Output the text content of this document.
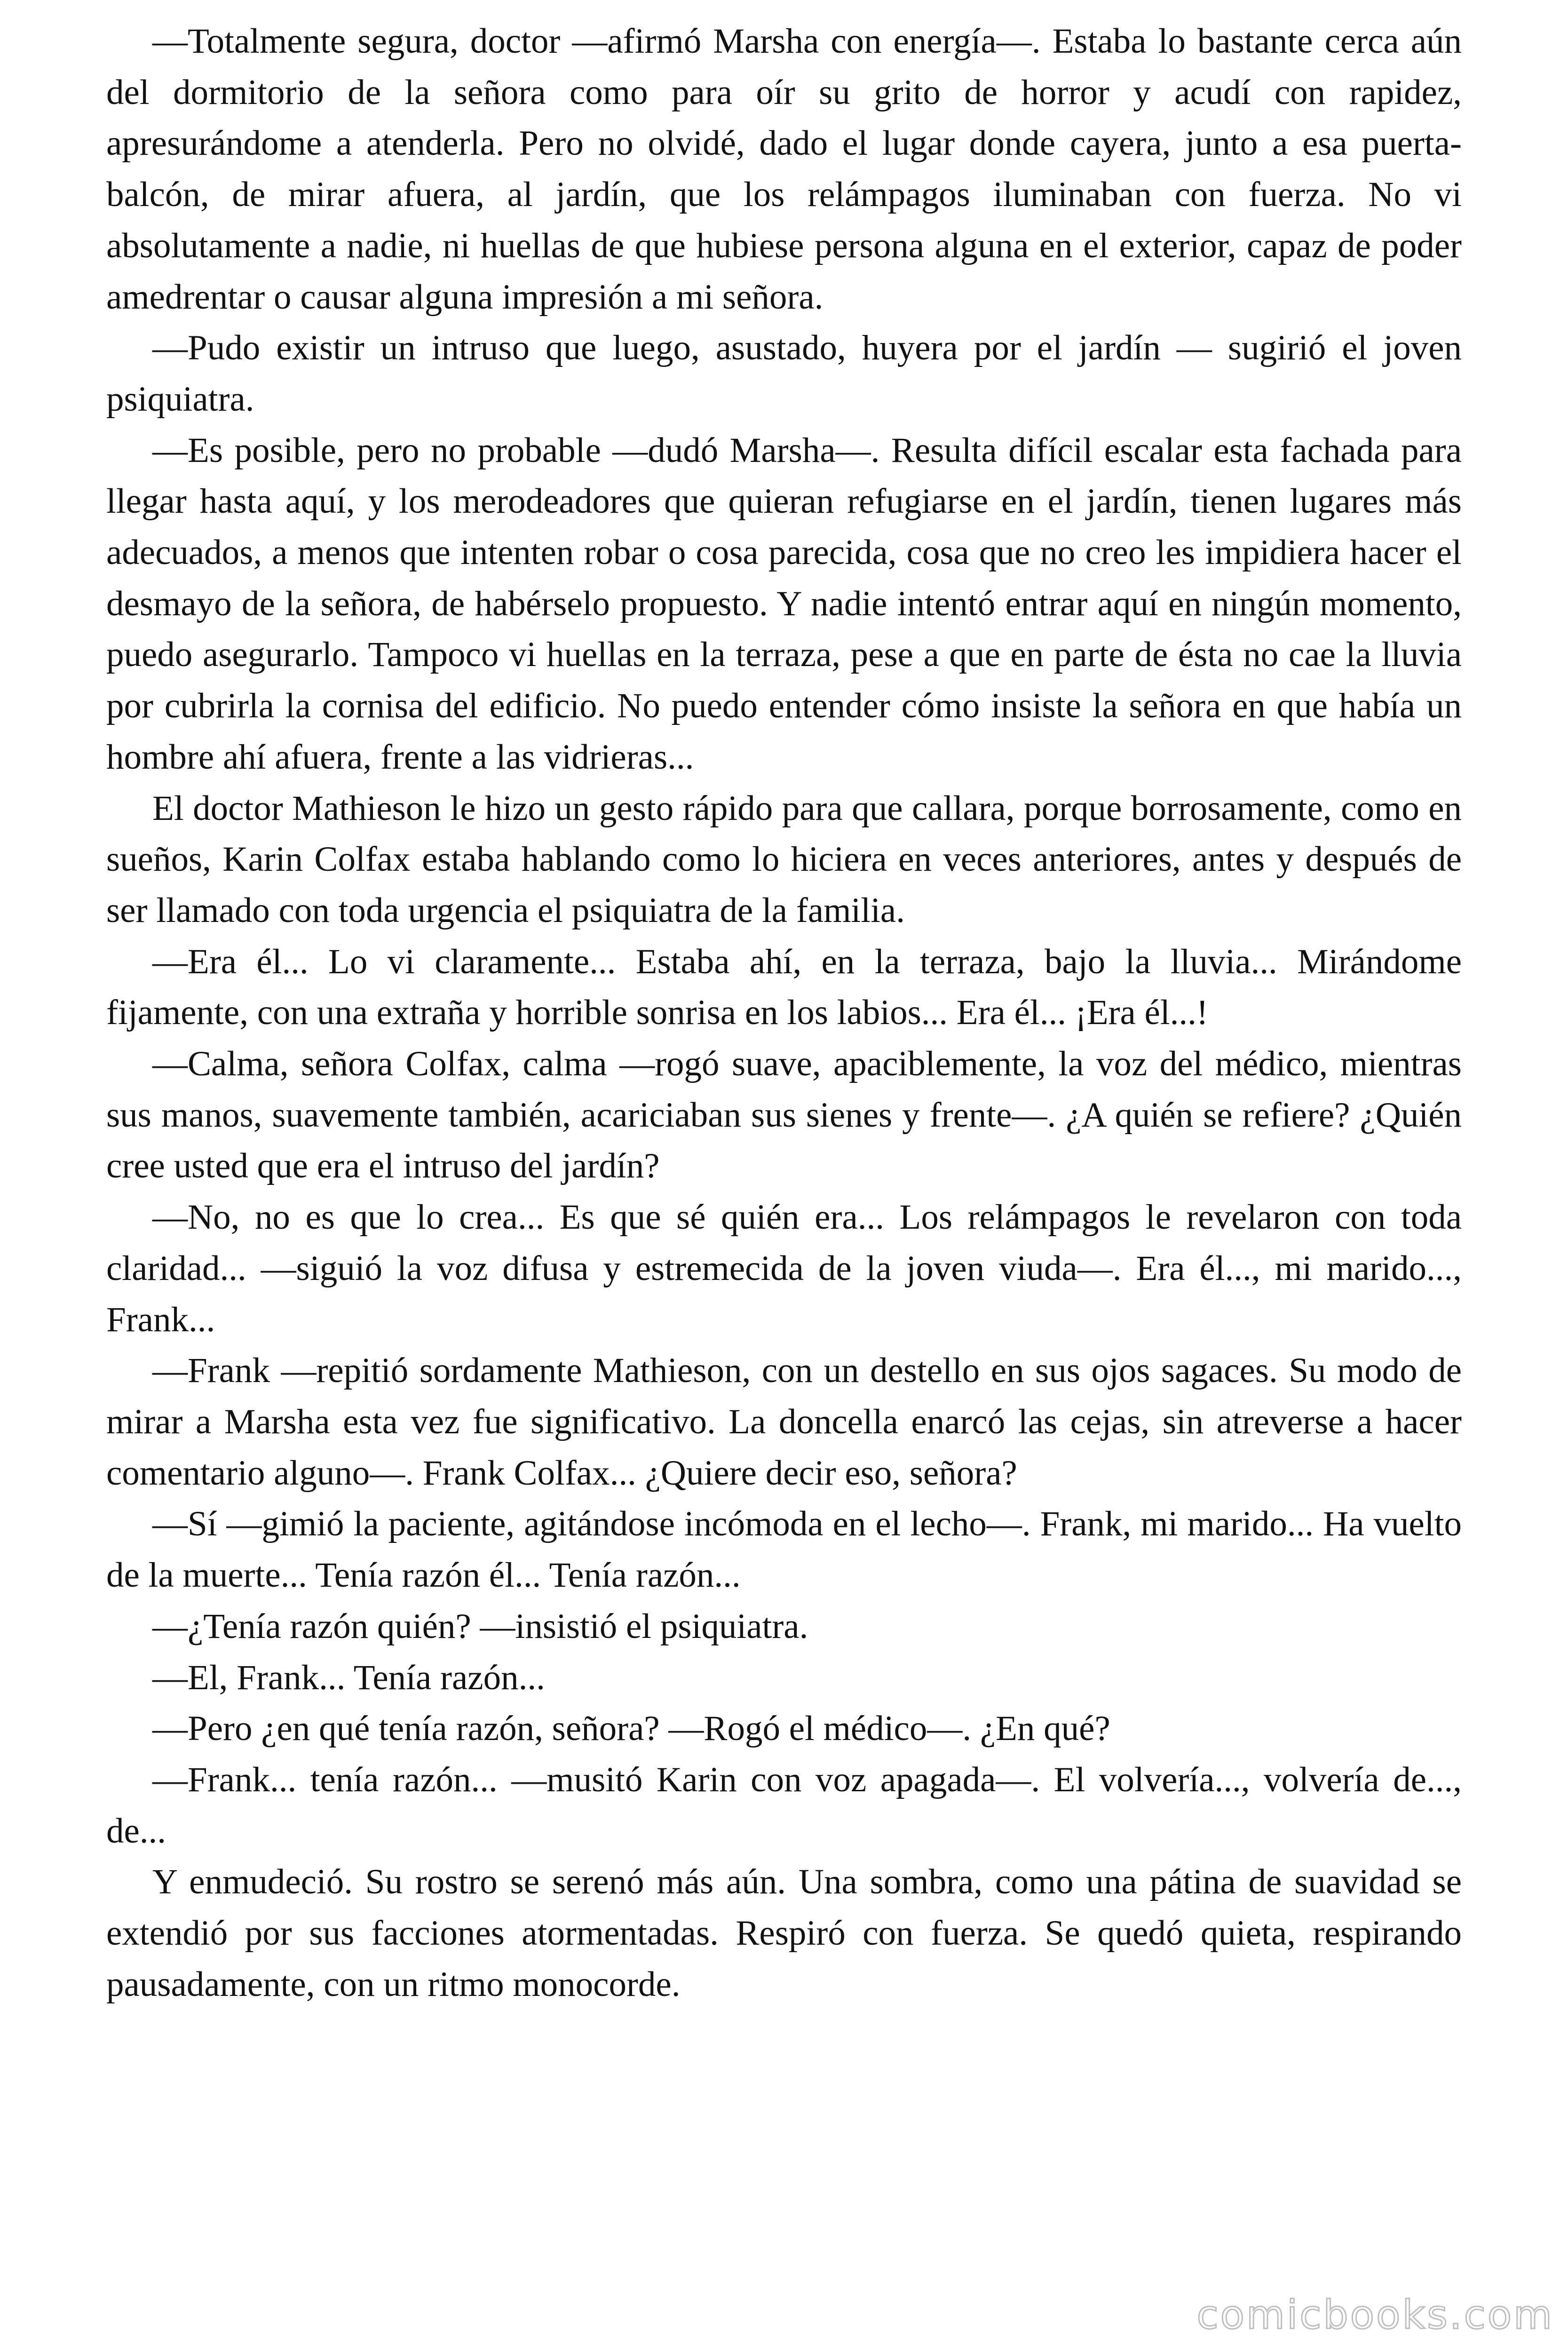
—Totalmente segura, doctor —afirmó Marsha con energía—. Estaba lo bastante cerca aún del dormitorio de la señora como para oír su grito de horror y acudí con rapidez, apresurándome a atenderla. Pero no olvidé, dado el lugar donde cayera, junto a esa puerta-balcón, de mirar afuera, al jardín, que los relámpagos iluminaban con fuerza. No vi absolutamente a nadie, ni huellas de que hubiese persona alguna en el exterior, capaz de poder amedrentar o causar alguna impresión a mi señora.

—Pudo existir un intruso que luego, asustado, huyera por el jardín — sugirió el joven psiquiatra.

—Es posible, pero no probable —dudó Marsha—. Resulta difícil escalar esta fachada para llegar hasta aquí, y los merodeadores que quieran refugiarse en el jardín, tienen lugares más adecuados, a menos que intenten robar o cosa parecida, cosa que no creo les impidiera hacer el desmayo de la señora, de habérselo propuesto. Y nadie intentó entrar aquí en ningún momento, puedo asegurarlo. Tampoco vi huellas en la terraza, pese a que en parte de ésta no cae la lluvia por cubrirla la cornisa del edificio. No puedo entender cómo insiste la señora en que había un hombre ahí afuera, frente a las vidrieras...

El doctor Mathieson le hizo un gesto rápido para que callara, porque borrosamente, como en sueños, Karin Colfax estaba hablando como lo hiciera en veces anteriores, antes y después de ser llamado con toda urgencia el psiquiatra de la familia.

—Era él... Lo vi claramente... Estaba ahí, en la terraza, bajo la lluvia... Mirándome fijamente, con una extraña y horrible sonrisa en los labios... Era él... ¡Era él...!

—Calma, señora Colfax, calma —rogó suave, apaciblemente, la voz del médico, mientras sus manos, suavemente también, acariciaban sus sienes y frente—. ¿A quién se refiere? ¿Quién cree usted que era el intruso del jardín?

—No, no es que lo crea... Es que sé quién era... Los relámpagos le revelaron con toda claridad... —siguió la voz difusa y estremecida de la joven viuda—. Era él..., mi marido..., Frank...

—Frank —repitió sordamente Mathieson, con un destello en sus ojos sagaces. Su modo de mirar a Marsha esta vez fue significativo. La doncella enarcó las cejas, sin atreverse a hacer comentario alguno—. Frank Colfax... ¿Quiere decir eso, señora?

—Sí —gimió la paciente, agitándose incómoda en el lecho—. Frank, mi marido... Ha vuelto de la muerte... Tenía razón él... Tenía razón...

—¿Tenía razón quién? —insistió el psiquiatra.

—El, Frank... Tenía razón...

—Pero ¿en qué tenía razón, señora? —Rogó el médico—. ¿En qué?

—Frank... tenía razón... —musitó Karin con voz apagada—. El volvería..., volvería de..., de...

Y enmudeció. Su rostro se serenó más aún. Una sombra, como una pátina de suavidad se extendió por sus facciones atormentadas. Respiró con fuerza. Se quedó quieta, respirando pausadamente, con un ritmo monocorde.

comicbooks.com
